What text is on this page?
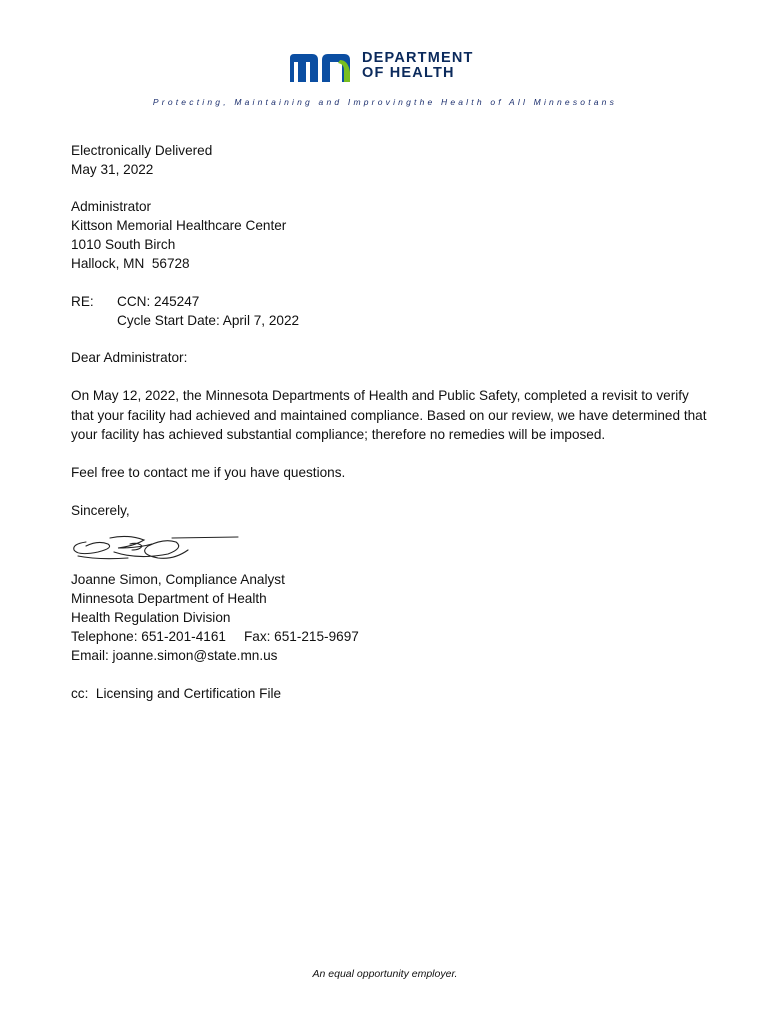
DEPARTMENT
OF HEALTH
Protecting, Maintaining and Improvingthe Health of All Minnesotans
Electronically Delivered
May 31, 2022
Administrator
Kittson Memorial Healthcare Center
1010 South Birch
Hallock, MN  56728
RE: CCN: 245247
Cycle Start Date: April 7, 2022
Dear Administrator:
On May 12, 2022, the Minnesota Departments of Health and Public Safety, completed a revisit to verify that your facility had achieved and maintained compliance. Based on our review, we have determined that your facility has achieved substantial compliance; therefore no remedies will be imposed.
Feel free to contact me if you have questions.
Sincerely,
Joanne Simon, Compliance Analyst
Minnesota Department of Health
Health Regulation Division
Telephone: 651-201-4161 Fax: 651-215-9697
Email: joanne.simon@state.mn.us
cc:  Licensing and Certification File
An equal opportunity employer.
